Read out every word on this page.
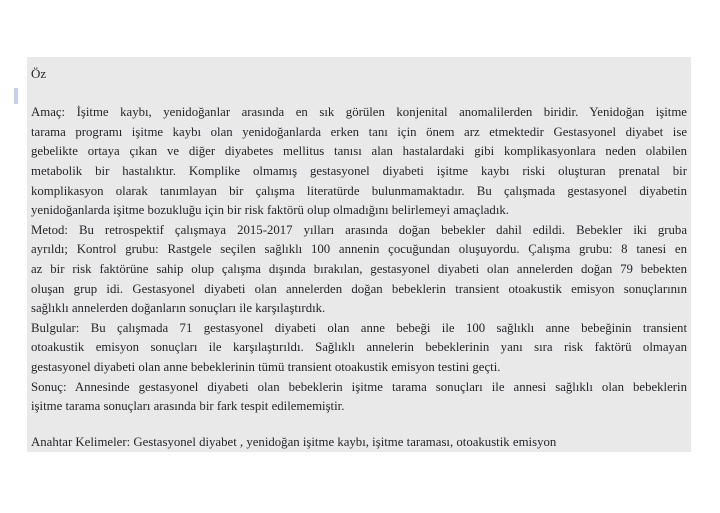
Öz
Amaç: İşitme kaybı, yenidoğanlar arasında en sık görülen konjenital anomalilerden biridir. Yenidoğan işitme
tarama programı işitme kaybı olan yenidoğanlarda erken tanı için önem arz etmektedir Gestasyonel diyabet ise
gebelikte ortaya çıkan ve diğer diyabetes mellitus tanısı alan hastalardaki gibi komplikasyonlara neden olabilen
metabolik bir hastalıktır. Komplike olmamış gestasyonel diyabeti işitme kaybı riski oluşturan prenatal bir
komplikasyon olarak tanımlayan bir çalışma literatürde bulunmamaktadır. Bu çalışmada gestasyonel diyabetin
yenidoğanlarda işitme bozukluğu için bir risk faktörü olup olmadığını belirlemeyi amaçladık.
Metod: Bu retrospektif çalışmaya 2015-2017 yılları arasında doğan bebekler dahil edildi. Bebekler iki gruba
ayrıldı; Kontrol grubu: Rastgele seçilen sağlıklı 100 annenin çocuğundan oluşuyordu. Çalışma grubu: 8 tanesi en
az bir risk faktörüne sahip olup çalışma dışında bırakılan, gestasyonel diyabeti olan annelerden doğan 79 bebekten
oluşan grup idi. Gestasyonel diyabeti olan annelerden doğan bebeklerin transient otoakustik emisyon sonuçlarının
sağlıklı annelerden doğanların sonuçları ile karşılaştırdık.
Bulgular: Bu çalışmada 71 gestasyonel diyabeti olan anne bebeği ile 100 sağlıklı anne bebeğinin transient
otoakustik emisyon sonuçları ile karşılaştırıldı. Sağlıklı annelerin bebeklerinin yanı sıra risk faktörü olmayan
gestasyonel diyabeti olan anne bebeklerinin tümü transient otoakustik emisyon testini geçti.
Sonuç: Annesinde gestasyonel diyabeti olan bebeklerin işitme tarama sonuçları ile annesi sağlıklı olan bebeklerin
işitme tarama sonuçları arasında bir fark tespit edilememiştir.
Anahtar Kelimeler: Gestasyonel diyabet , yenidoğan işitme kaybı, işitme taraması, otoakustik emisyon
